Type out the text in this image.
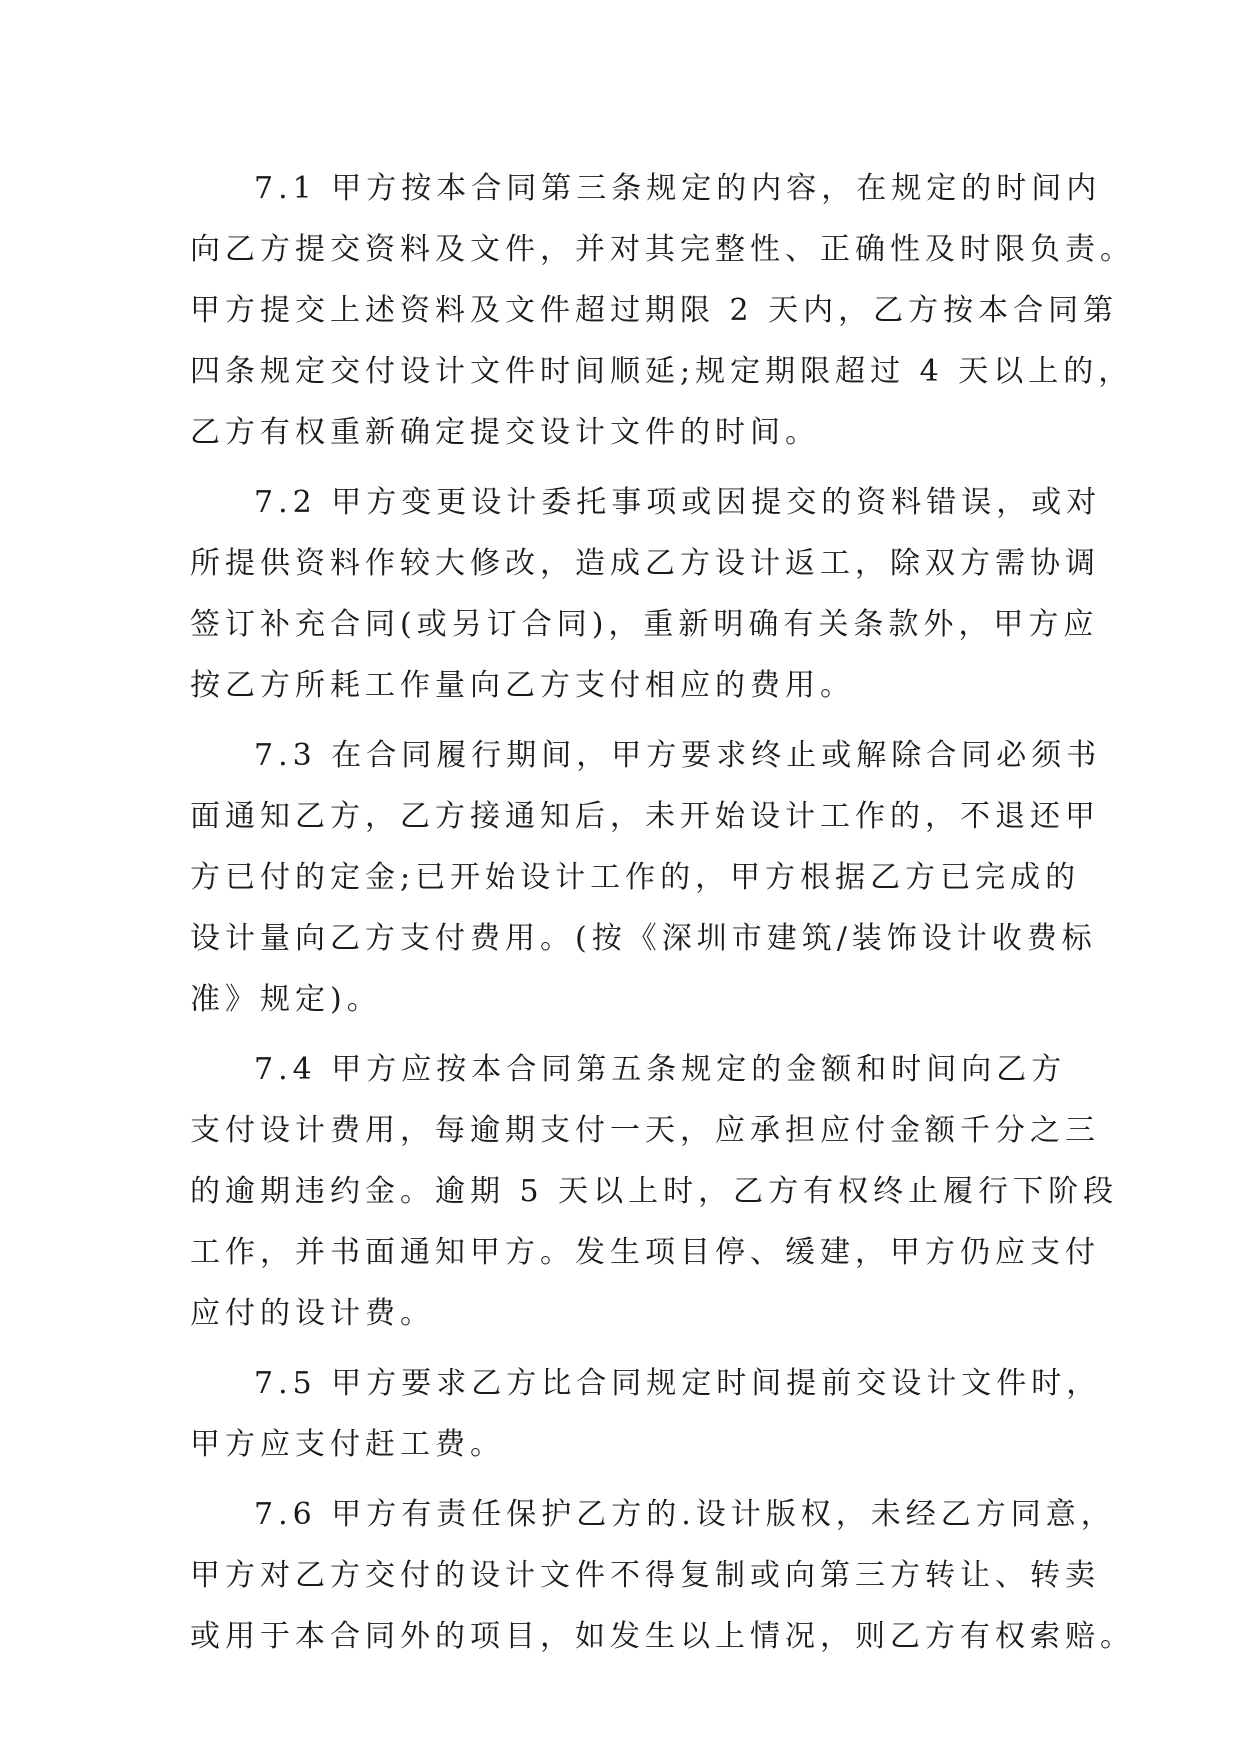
7.1 甲方按本合同第三条规定的内容，在规定的时间内
向乙方提交资料及文件，并对其完整性、正确性及时限负责。
甲方提交上述资料及文件超过期限 2 天内，乙方按本合同第
四条规定交付设计文件时间顺延;规定期限超过 4 天以上的，
乙方有权重新确定提交设计文件的时间。
7.2 甲方变更设计委托事项或因提交的资料错误，或对
所提供资料作较大修改，造成乙方设计返工，除双方需协调
签订补充合同(或另订合同)，重新明确有关条款外，甲方应
按乙方所耗工作量向乙方支付相应的费用。
7.3 在合同履行期间，甲方要求终止或解除合同必须书
面通知乙方，乙方接通知后，未开始设计工作的，不退还甲
方已付的定金;已开始设计工作的，甲方根据乙方已完成的
设计量向乙方支付费用。(按《深圳市建筑/装饰设计收费标
准》规定)。
7.4 甲方应按本合同第五条规定的金额和时间向乙方
支付设计费用，每逾期支付一天，应承担应付金额千分之三
的逾期违约金。逾期 5 天以上时，乙方有权终止履行下阶段
工作，并书面通知甲方。发生项目停、缓建，甲方仍应支付
应付的设计费。
7.5 甲方要求乙方比合同规定时间提前交设计文件时，
甲方应支付赶工费。
7.6 甲方有责任保护乙方的.设计版权，未经乙方同意，
甲方对乙方交付的设计文件不得复制或向第三方转让、转卖
或用于本合同外的项目，如发生以上情况，则乙方有权索赔。
